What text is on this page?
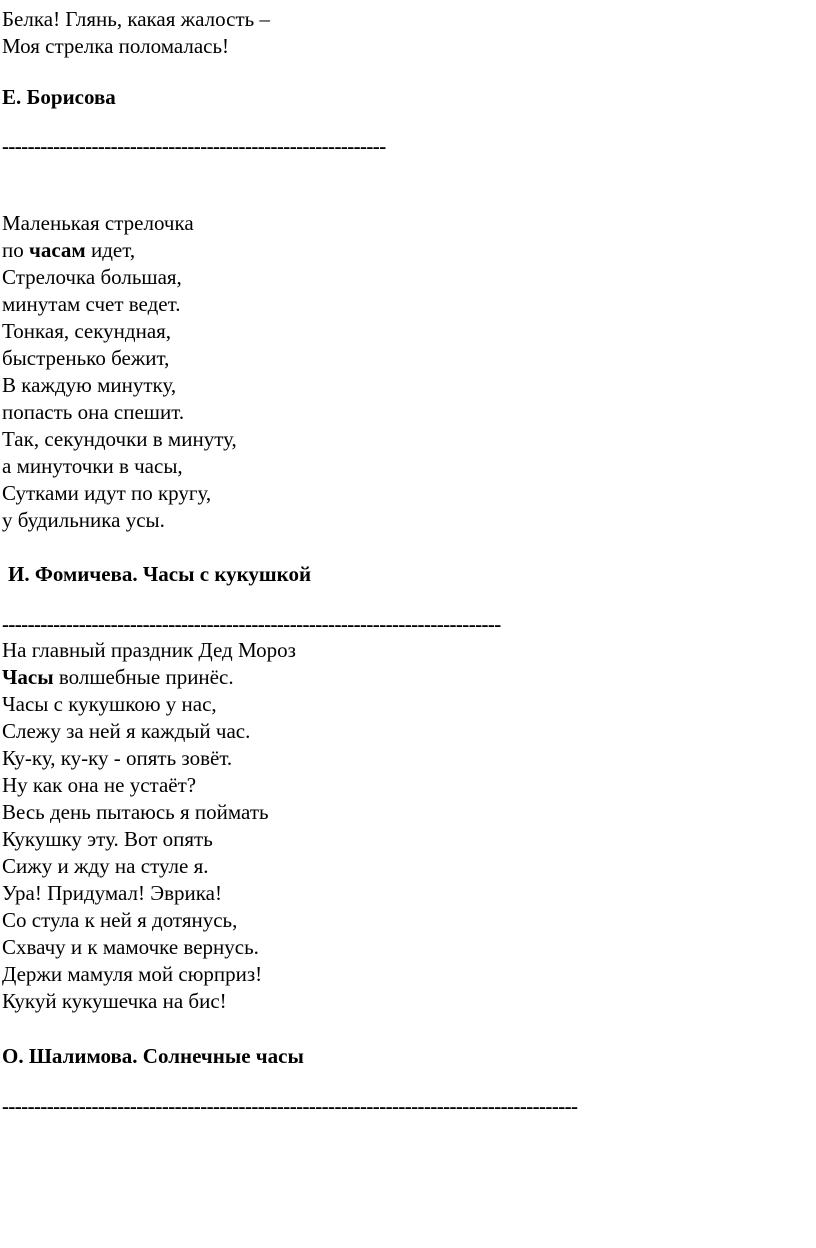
Белка! Глянь, какая жалость –
Моя стрелка поломалась!
Е. Борисова
------------------------------------------------------------
Маленькая стрелочка
по часам идет,
Стрелочка большая,
минутам счет ведет.
Тонкая, секундная,
быстренько бежит,
В каждую минутку,
попасть она спешит.
Так, секундочки в минуту,
а минуточки в часы,
Сутками идут по кругу,
у будильника усы.
И. Фомичева. Часы с кукушкой
------------------------------------------------------------------------------
На главный праздник Дед Мороз
Часы волшебные принёс.
Часы с кукушкою у нас,
Слежу за ней я каждый час.
Ку-ку, ку-ку - опять зовёт.
Ну как она не устаёт?
Весь день пытаюсь я поймать
Кукушку эту. Вот опять
Сижу и жду на стуле я.
Ура! Придумал! Эврика!
Со стула к ней я дотянусь,
Схвачу и к мамочке вернусь.
Держи мамуля мой сюрприз!
Кукуй кукушечка на бис!
О. Шалимова. Солнечные часы
------------------------------------------------------------------------------------------
